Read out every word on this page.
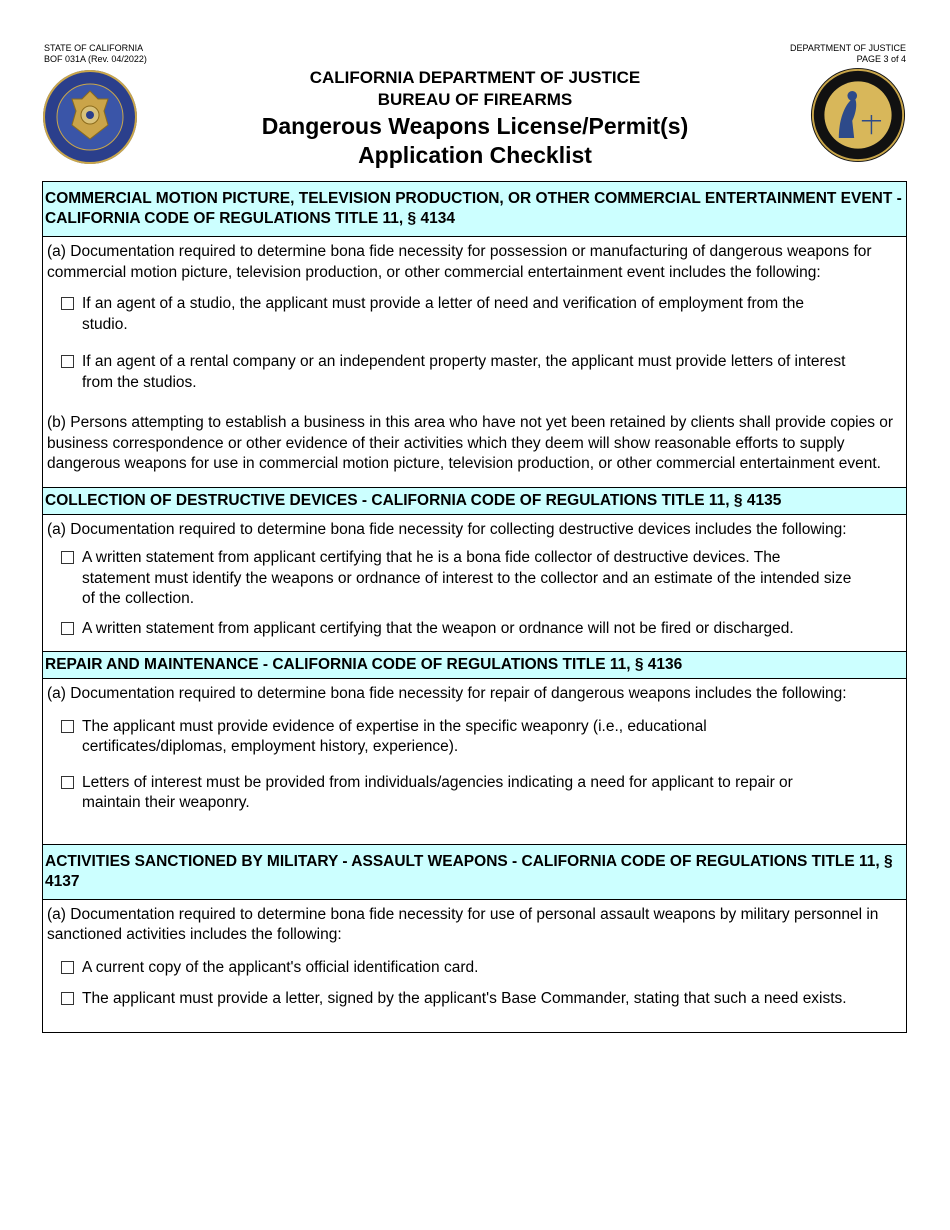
STATE OF CALIFORNIA
BOF 031A (Rev. 04/2022)
DEPARTMENT OF JUSTICE
PAGE 3 of 4
CALIFORNIA DEPARTMENT OF JUSTICE
BUREAU OF FIREARMS
Dangerous Weapons License/Permit(s)
Application Checklist
COMMERCIAL MOTION PICTURE, TELEVISION PRODUCTION, OR OTHER COMMERCIAL ENTERTAINMENT EVENT - CALIFORNIA CODE OF REGULATIONS TITLE 11, § 4134

(a) Documentation required to determine bona fide necessity for possession or manufacturing of dangerous weapons for commercial motion picture, television production, or other commercial entertainment event includes the following:

If an agent of a studio, the applicant must provide a letter of need and verification of employment from the studio.
If an agent of a rental company or an independent property master, the applicant must provide letters of interest from the studios.

(b) Persons attempting to establish a business in this area who have not yet been retained by clients shall provide copies or business correspondence or other evidence of their activities which they deem will show reasonable efforts to supply dangerous weapons for use in commercial motion picture, television production, or other commercial entertainment event.

COLLECTION OF DESTRUCTIVE DEVICES - CALIFORNIA CODE OF REGULATIONS TITLE 11, § 4135

(a) Documentation required to determine bona fide necessity for collecting destructive devices includes the following:

A written statement from applicant certifying that he is a bona fide collector of destructive devices. The statement must identify the weapons or ordnance of interest to the collector and an estimate of the intended size of the collection.
A written statement from applicant certifying that the weapon or ordnance will not be fired or discharged.
REPAIR AND MAINTENANCE - CALIFORNIA CODE OF REGULATIONS TITLE 11, § 4136

(a) Documentation required to determine bona fide necessity for repair of dangerous weapons includes the following:

The applicant must provide evidence of expertise in the specific weaponry (i.e., educational certificates/diplomas, employment history, experience).
Letters of interest must be provided from individuals/agencies indicating a need for applicant to repair or maintain their weaponry.
ACTIVITIES SANCTIONED BY MILITARY - ASSAULT WEAPONS - CALIFORNIA CODE OF REGULATIONS TITLE 11, § 4137

(a) Documentation required to determine bona fide necessity for use of personal assault weapons by military personnel in sanctioned activities includes the following:

A current copy of the applicant's official identification card.
The applicant must provide a letter, signed by the applicant's Base Commander, stating that such a need exists.
